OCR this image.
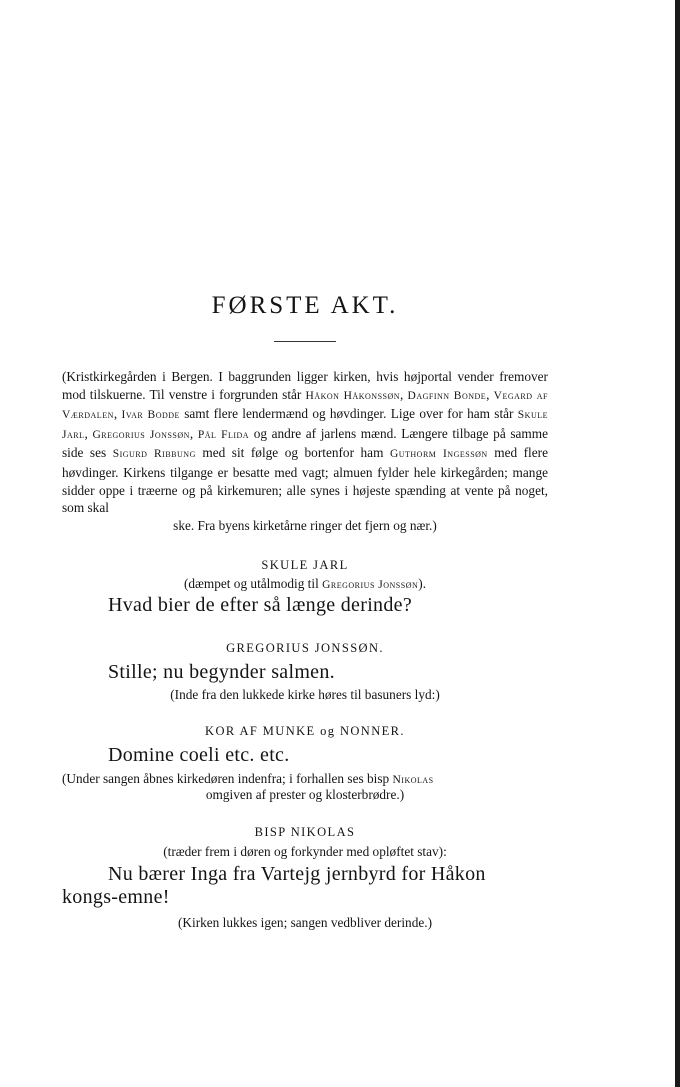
FØRSTE AKT.
(Kristkirkegården i Bergen. I baggrunden ligger kirken, hvis højportal vender fremover mod tilskuerne. Til venstre i forgrunden står Håkon Håkonssøn, Dagfinn Bonde, Vegard af Værdalen, Ivar Bodde samt flere lendermænd og høvdinger. Lige over for ham står Skule Jarl, Gregorius Jonssøn, Pål Flida og andre af jarlens mænd. Længere tilbage på samme side ses Sigurd Ribbung med sit følge og bortenfor ham Guthorm Ingessøn med flere høvdinger. Kirkens tilgange er besatte med vagt; almuen fylder hele kirkegården; mange sidder oppe i træerne og på kirkemuren; alle synes i højeste spænding at vente på noget, som skal
ske. Fra byens kirketårne ringer det fjern og nær.)
SKULE JARL
(dæmpet og utålmodig til Gregorius Jonssøn).
Hvad bier de efter så længe derinde?
GREGORIUS JONSSØN.
Stille; nu begynder salmen.
(Inde fra den lukkede kirke høres til basuners lyd:)
KOR AF MUNKE og NONNER.
Domine coeli etc. etc.
(Under sangen åbnes kirkedøren indenfra; i forhallen ses bisp Nikolas
omgiven af prester og klosterbrødre.)
BISP NIKOLAS
(træder frem i døren og forkynder med opløftet stav):
Nu bærer Inga fra Vartejg jernbyrd for Håkon
kongs-emne!
(Kirken lukkes igen; sangen vedbliver derinde.)
